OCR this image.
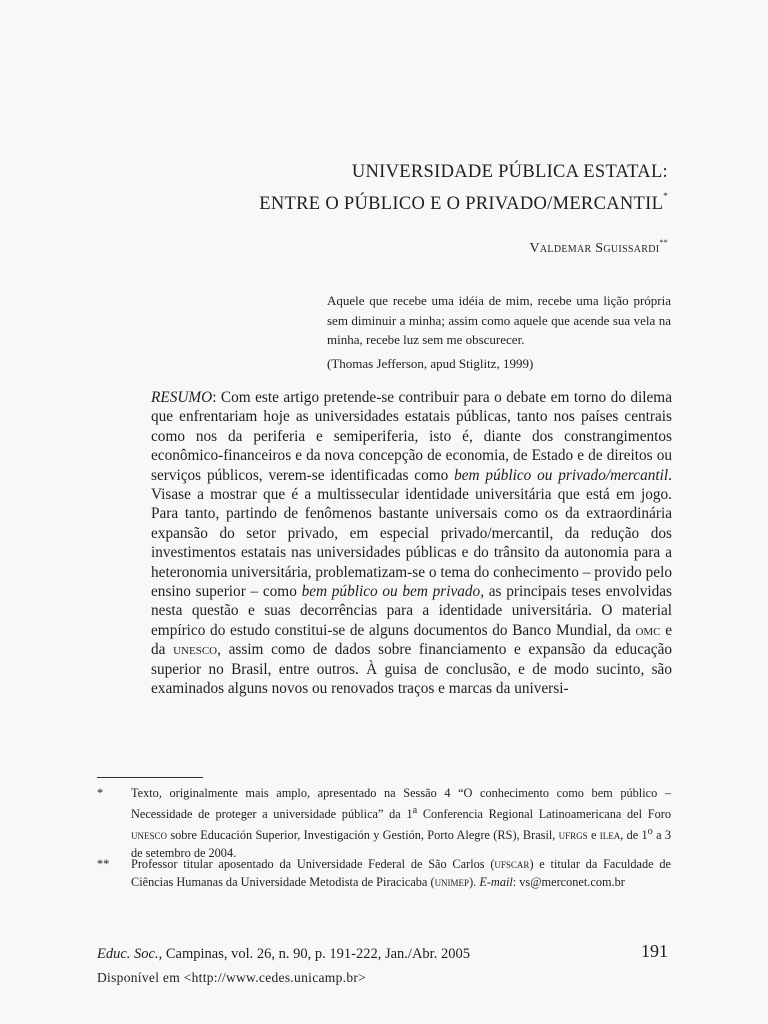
UNIVERSIDADE PÚBLICA ESTATAL:
ENTRE O PÚBLICO E O PRIVADO/MERCANTIL*
Valdemar Sguissardi**
Aquele que recebe uma idéia de mim, recebe uma lição própria sem diminuir a minha; assim como aquele que acende sua vela na minha, recebe luz sem me obscurecer.
(Thomas Jefferson, apud Stiglitz, 1999)
RESUMO: Com este artigo pretende-se contribuir para o debate em torno do dilema que enfrentariam hoje as universidades estatais públicas, tanto nos países centrais como nos da periferia e semiperiferia, isto é, diante dos constrangimentos econômico-financeiros e da nova concepção de economia, de Estado e de direitos ou serviços públicos, verem-se identificadas como bem público ou privado/mercantil. Visase a mostrar que é a multissecular identidade universitária que está em jogo. Para tanto, partindo de fenômenos bastante universais como os da extraordinária expansão do setor privado, em especial privado/mercantil, da redução dos investimentos estatais nas universidades públicas e do trânsito da autonomia para a heteronomia universitária, problematizam-se o tema do conhecimento – provido pelo ensino superior – como bem público ou bem privado, as principais teses envolvidas nesta questão e suas decorrências para a identidade universitária. O material empírico do estudo constitui-se de alguns documentos do Banco Mundial, da omc e da unesco, assim como de dados sobre financiamento e expansão da educação superior no Brasil, entre outros. À guisa de conclusão, e de modo sucinto, são examinados alguns novos ou renovados traços e marcas da universi-
*	Texto, originalmente mais amplo, apresentado na Sessão 4 “O conhecimento como bem público – Necessidade de proteger a universidade pública” da 1$^a$ Conferencia Regional Latinoamericana del Foro unesco sobre Educación Superior, Investigación y Gestión, Porto Alegre (RS), Brasil, ufrgs e ilea, de 1$^o$ a 3 de setembro de 2004.
**	Professor titular aposentado da Universidade Federal de São Carlos (ufscar) e titular da Faculdade de Ciências Humanas da Universidade Metodista de Piracicaba (unimep). E-mail: vs@merconet.com.br
Educ. Soc., Campinas, vol. 26, n. 90, p. 191-222, Jan./Abr. 2005	191
Disponível em <http://www.cedes.unicamp.br>
